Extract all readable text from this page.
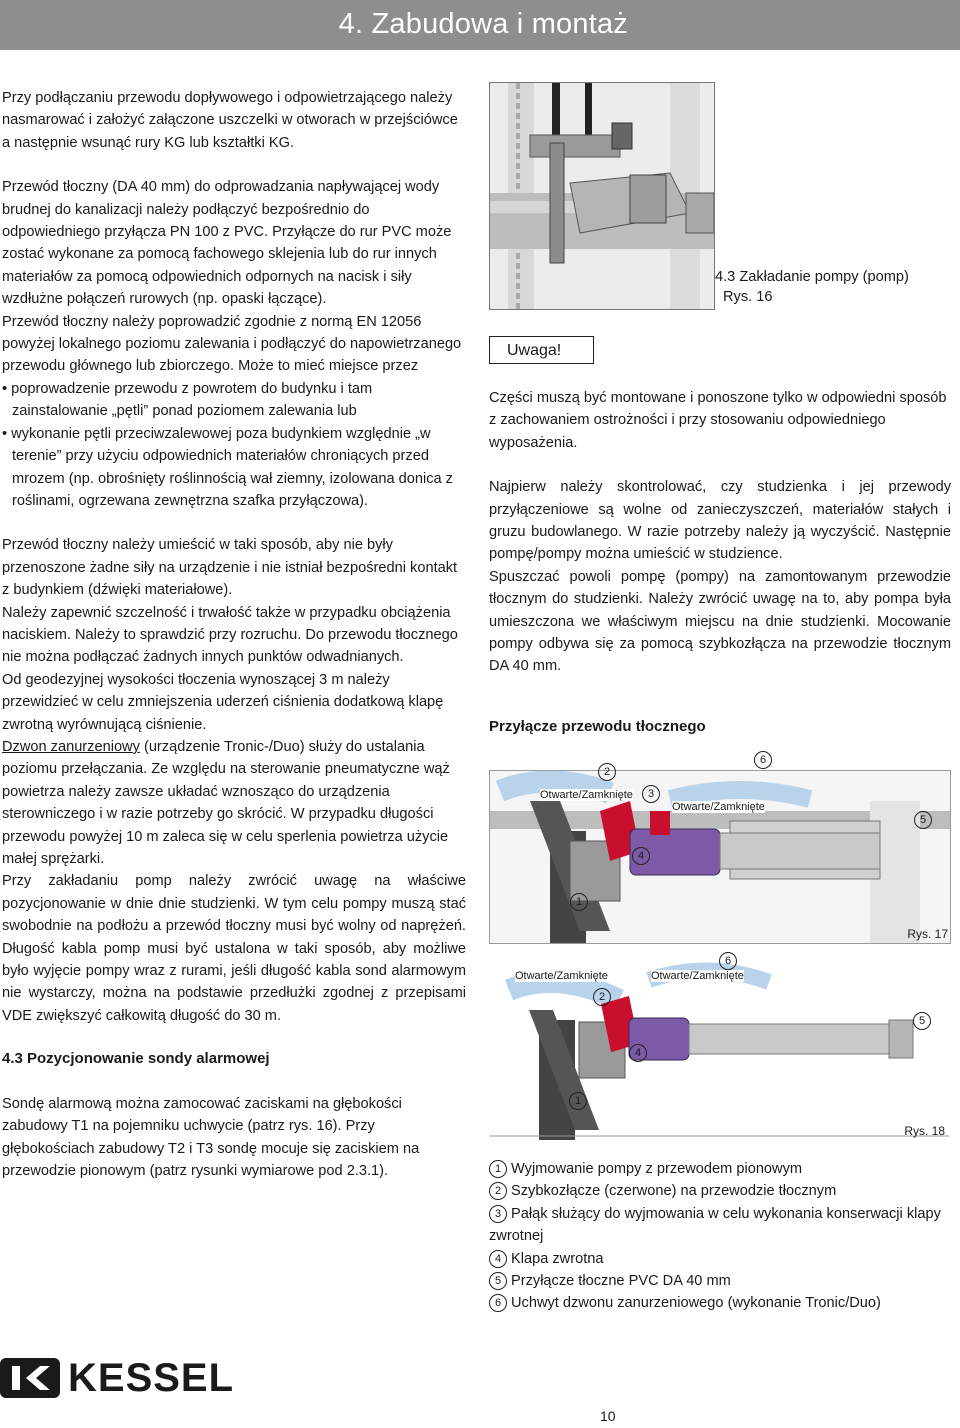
4. Zabudowa i montaż

Przy podłączaniu przewodu dopływowego i odpowietrzającego należy nasmarować i założyć załączone uszczelki w otworach w przejściówce a następnie wsunąć rury KG lub kształtki KG.

Przewód tłoczny (DA 40 mm) do odprowadzania napływającej wody brudnej do kanalizacji należy podłączyć bezpośrednio do odpowiedniego przyłącza PN 100 z PVC. Przyłącze do rur PVC może zostać wykonane za pomocą fachowego sklejenia lub do rur innych materiałów za pomocą odpowiednich odpornych na nacisk i siły wzdłużne połączeń rurowych (np. opaski łączące).

Przewód tłoczny należy poprowadzić zgodnie z normą EN 12056 powyżej lokalnego poziomu zalewania i podłączyć do napowietrzanego przewodu głównego lub zbiorczego. Może to mieć miejsce przez

• poprowadzenie przewodu z powrotem do budynku i tam zainstalowanie „pętli” ponad poziomem zalewania lub
• wykonanie pętli przeciwzalewowej poza budynkiem względnie „w terenie” przy użyciu odpowiednich materiałów chroniących przed mrozem (np. obrośnięty roślinnością wał ziemny, izolowana donica z roślinami, ogrzewana zewnętrzna szafka przyłączowa).

Przewód tłoczny należy umieścić w taki sposób, aby nie były przenoszone żadne siły na urządzenie i nie istniał bezpośredni kontakt z budynkiem (dźwięki materiałowe).

Należy zapewnić szczelność i trwałość także w przypadku obciążenia naciskiem. Należy to sprawdzić przy rozruchu. Do przewodu tłocznego nie można podłączać żadnych innych punktów odwadnianych.

Od geodezyjnej wysokości tłoczenia wynoszącej 3 m należy przewidzieć w celu zmniejszenia uderzeń ciśnienia dodatkową klapę zwrotną wyrównującą ciśnienie.

Dzwon zanurzeniowy (urządzenie Tronic-/Duo) służy do ustalania poziomu przełączania. Ze względu na sterowanie pneumatyczne wąż powietrza należy zawsze układać wznosząco do urządzenia sterowniczego i w razie potrzeby go skrócić. W przypadku długości przewodu powyżej 10 m zaleca się w celu sperlenia powietrza użycie małej sprężarki.

Przy zakładaniu pomp należy zwrócić uwagę na właściwe pozycjonowanie w dnie dnie studzienki. W tym celu pompy muszą stać swobodnie na podłożu a przewód tłoczny musi być wolny od naprężeń. Długość kabla pomp musi być ustalona w taki sposób, aby możliwe było wyjęcie pompy wraz z rurami, jeśli długość kabla sond alarmowym nie wystarczy, można na podstawie przedłużki zgodnej z przepisami VDE zwiększyć całkowitą długość do 30 m.

4.3 Pozycjonowanie sondy alarmowej
Sondę alarmową można zamocować zaciskami na głębokości zabudowy T1 na pojemniku uchwycie (patrz rys. 16). Przy głębokościach zabudowy T2 i T3 sondę mocuje się zaciskiem na przewodzie pionowym (patrz rysunki wymiarowe pod 2.3.1).
4.3 Zakładanie pompy (pomp)
Rys. 16
Uwaga!

Części muszą być montowane i ponoszone tylko w odpowiedni sposób z zachowaniem ostrożności i przy stosowaniu odpowiedniego wyposażenia.

Najpierw należy skontrolować, czy studzienka i jej przewody przyłączeniowe są wolne od zanieczyszczeń, materiałów stałych i gruzu budowlanego. W razie potrzeby należy ją wyczyścić. Następnie pompę/pompy można umieścić w studzience.

Spuszczać powoli pompę (pompy) na zamontowanym przewodzie tłocznym do studzienki. Należy zwrócić uwagę na to, aby pompa była umieszczona we właściwym miejscu na dnie studzienki. Mocowanie pompy odbywa się za pomocą szybkozłącza na przewodzie tłocznym DA 40 mm.

Przyłącze przewodu tłocznego
Otwarte/Zamknięte
Otwarte/Zamknięte
2
3
6
5
4
1
Rys. 17
Otwarte/Zamknięte	Otwarte/Zamknięte
6
2
5
4
1
Rys. 18
1 Wyjmowanie pompy z przewodem pionowym
2 Szybkozłącze (czerwone) na przewodzie tłocznym
3 Pałąk służący do wyjmowania w celu wykonania konserwacji klapy zwrotnej
4 Klapa zwrotna
5 Przyłącze tłoczne PVC DA 40 mm
6 Uchwyt dzwonu zanurzeniowego (wykonanie Tronic/Duo)
KESSEL
10
